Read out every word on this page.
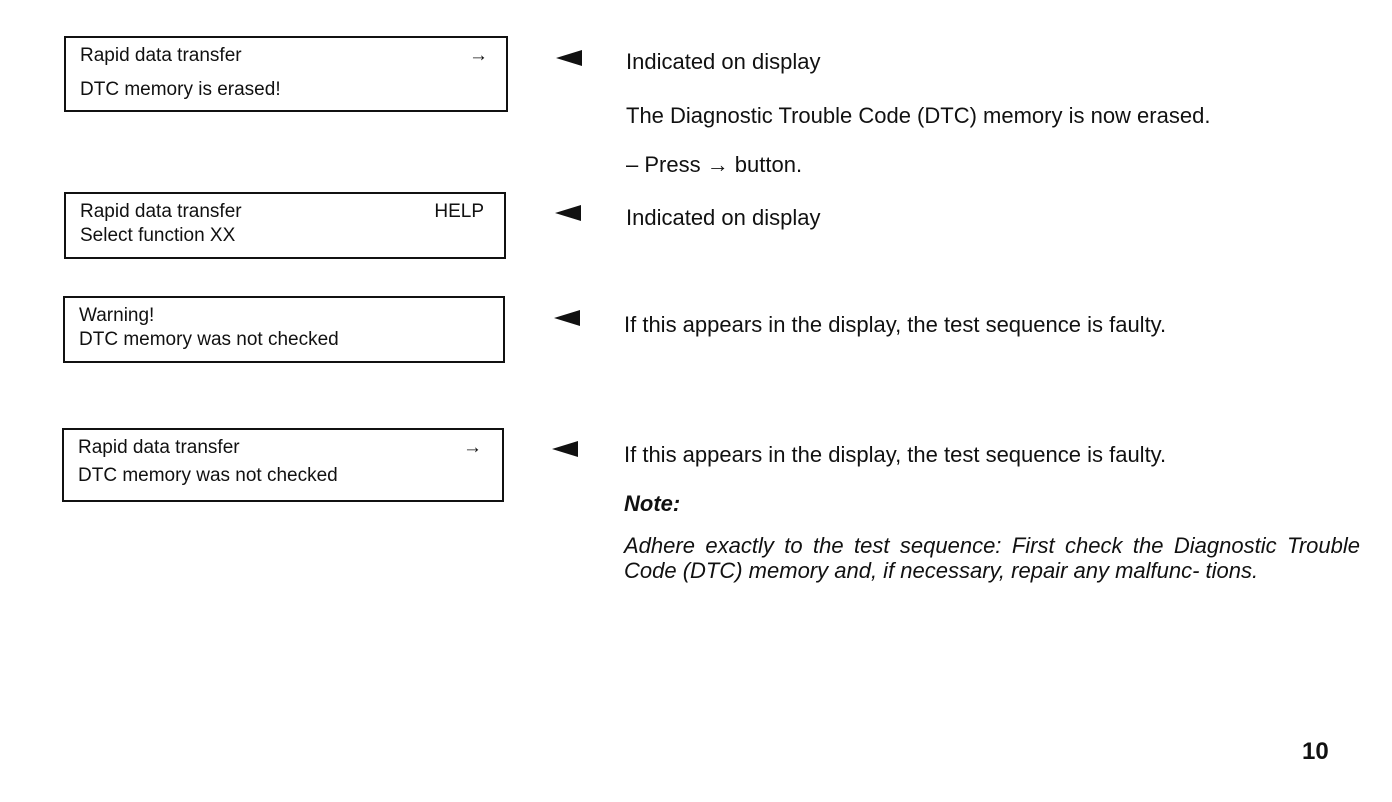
Rapid data transfer	→
DTC memory is erased!
Rapid data transfer	HELP
Select function XX
Warning!
DTC memory was not checked
Rapid data transfer	→
DTC memory was not checked
Indicated on display
The Diagnostic Trouble Code (DTC) memory is now erased.
– Press → button.
Indicated on display
If this appears in the display, the test sequence is faulty.
If this appears in the display, the test sequence is faulty.
Note:
Adhere exactly to the test sequence: First check the Diagnostic Trouble Code (DTC) memory and, if necessary, repair any malfunc- tions.
10
